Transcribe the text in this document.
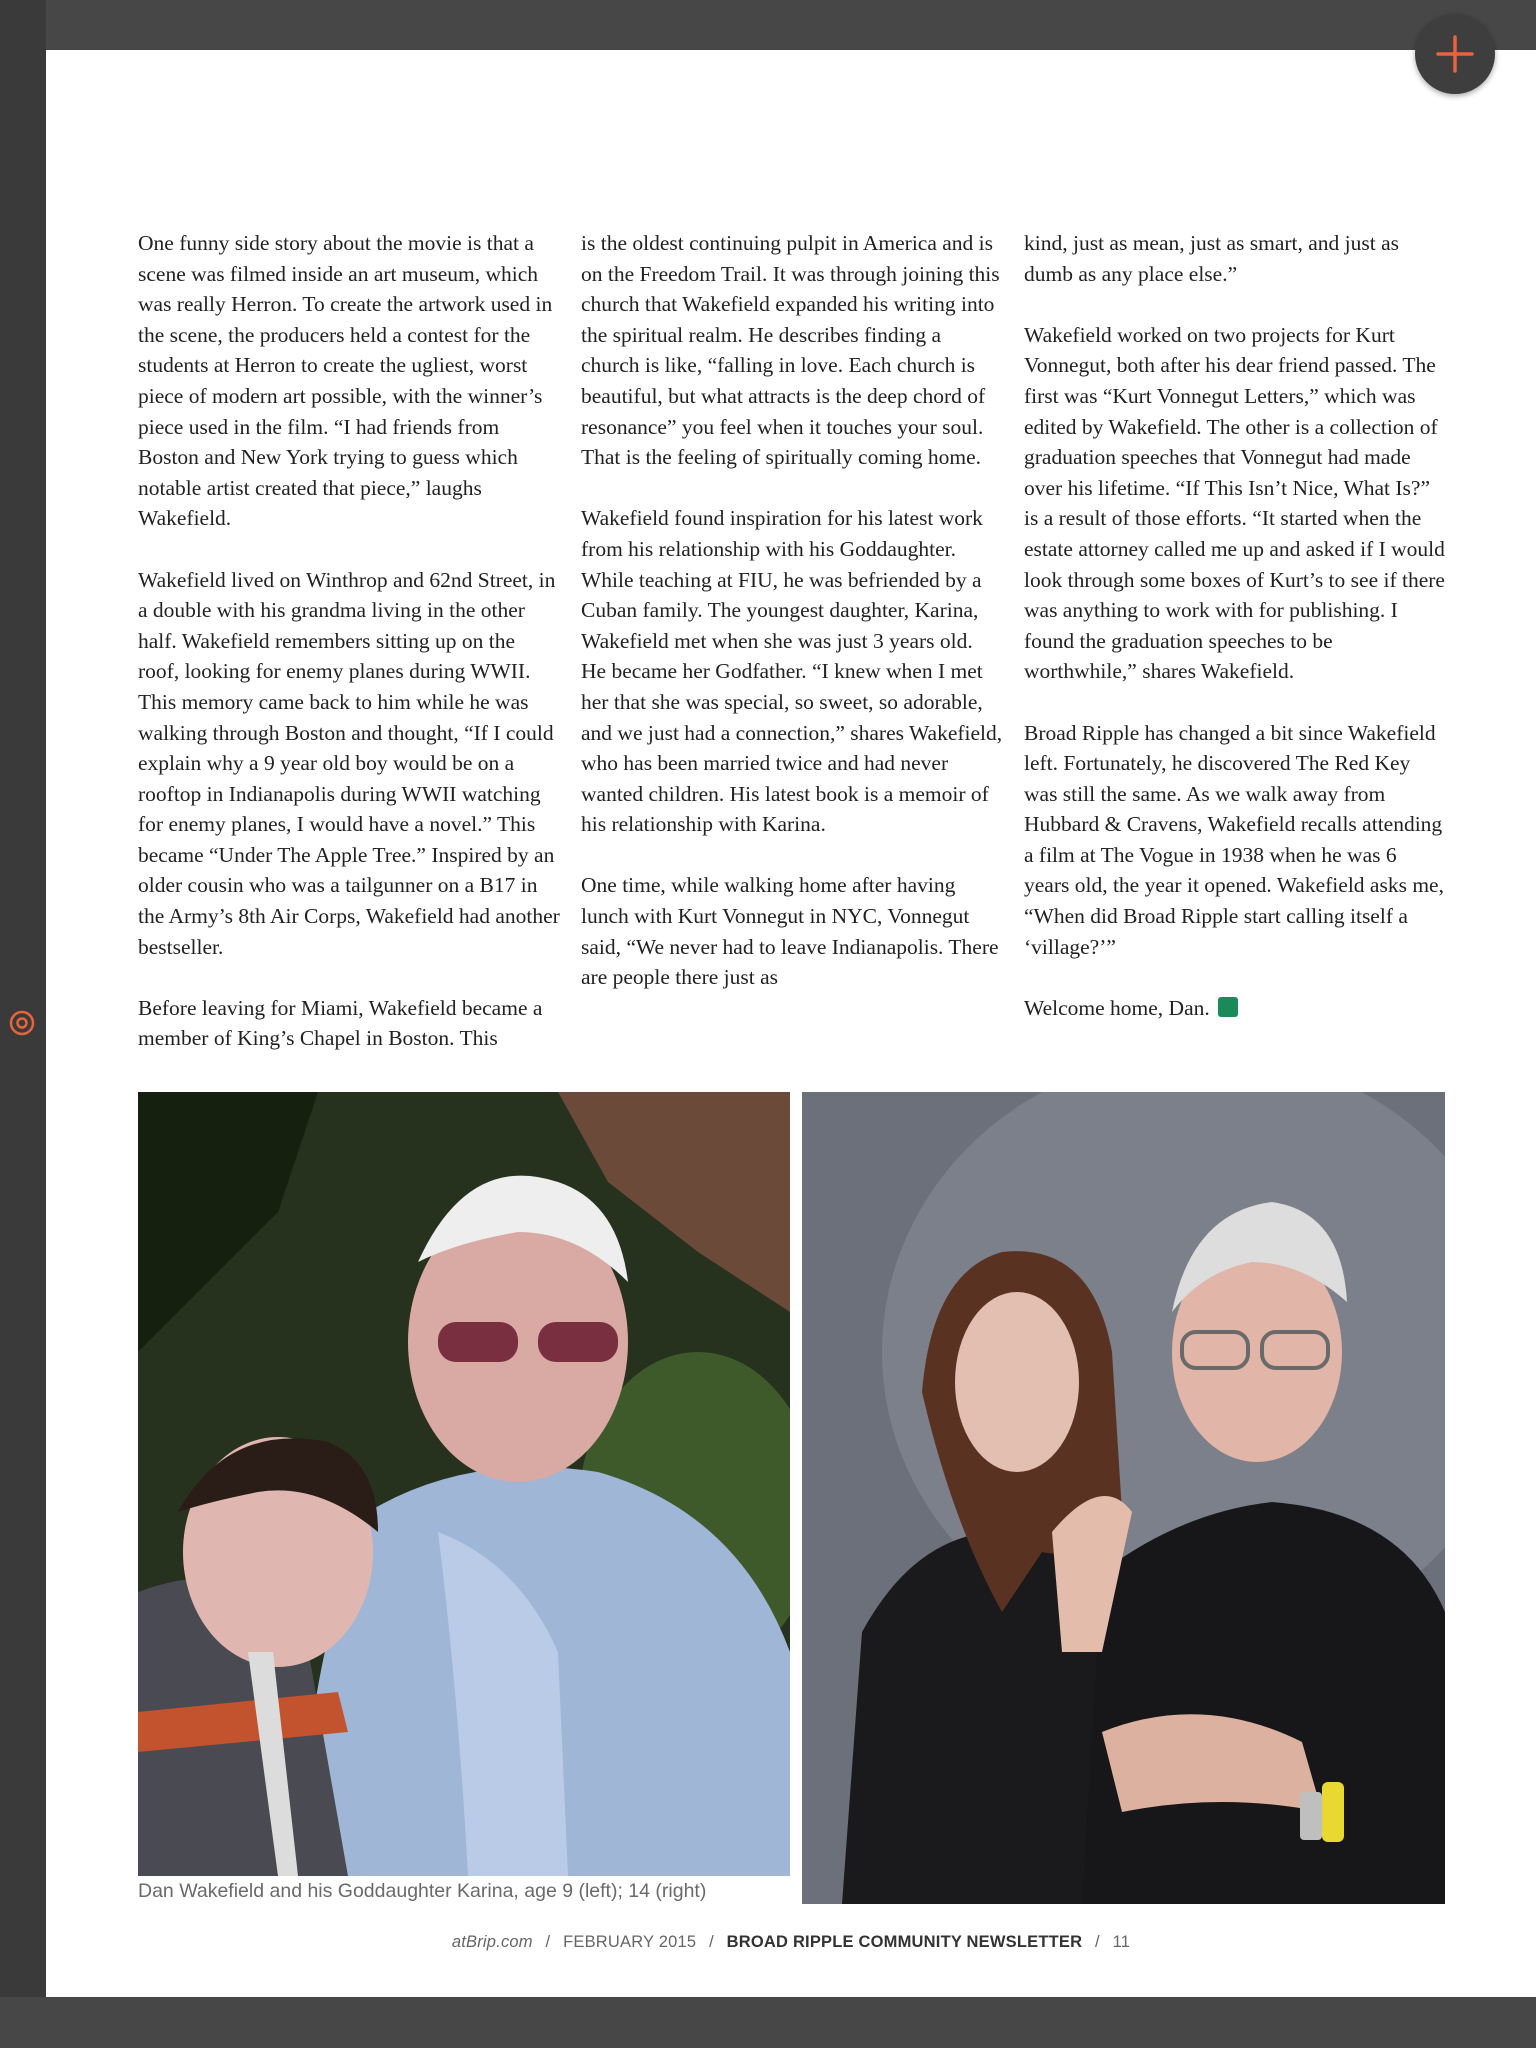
One funny side story about the movie is that a scene was filmed inside an art museum, which was really Herron. To create the artwork used in the scene, the producers held a contest for the students at Herron to create the ugliest, worst piece of modern art possible, with the winner’s piece used in the film. “I had friends from Boston and New York trying to guess which notable artist created that piece,” laughs Wakefield.

Wakefield lived on Winthrop and 62nd Street, in a double with his grandma living in the other half. Wakefield remembers sitting up on the roof, looking for enemy planes during WWII. This memory came back to him while he was walking through Boston and thought, “If I could explain why a 9 year old boy would be on a rooftop in Indianapolis during WWII watching for enemy planes, I would have a novel.” This became “Under The Apple Tree.” Inspired by an older cousin who was a tailgunner on a B17 in the Army’s 8th Air Corps, Wakefield had another bestseller.

Before leaving for Miami, Wakefield became a member of King’s Chapel in Boston. This

is the oldest continuing pulpit in America and is on the Freedom Trail. It was through joining this church that Wakefield expanded his writing into the spiritual realm. He describes finding a church is like, “falling in love. Each church is beautiful, but what attracts is the deep chord of resonance” you feel when it touches your soul. That is the feeling of spiritually coming home.

Wakefield found inspiration for his latest work from his relationship with his Goddaughter. While teaching at FIU, he was befriended by a Cuban family. The youngest daughter, Karina, Wakefield met when she was just 3 years old. He became her Godfather. “I knew when I met her that she was special, so sweet, so adorable, and we just had a connection,” shares Wakefield, who has been married twice and had never wanted children. His latest book is a memoir of his relationship with Karina.

One time, while walking home after having lunch with Kurt Vonnegut in NYC, Vonnegut said, “We never had to leave Indianapolis. There are people there just as

kind, just as mean, just as smart, and just as dumb as any place else.”

Wakefield worked on two projects for Kurt Vonnegut, both after his dear friend passed. The first was “Kurt Vonnegut Letters,” which was edited by Wakefield. The other is a collection of graduation speeches that Vonnegut had made over his lifetime. “If This Isn’t Nice, What Is?” is a result of those efforts. “It started when the estate attorney called me up and asked if I would look through some boxes of Kurt’s to see if there was anything to work with for publishing. I found the graduation speeches to be worthwhile,” shares Wakefield.

Broad Ripple has changed a bit since Wakefield left. Fortunately, he discovered The Red Key was still the same. As we walk away from Hubbard & Cravens, Wakefield recalls attending a film at The Vogue in 1938 when he was 6 years old, the year it opened. Wakefield asks me, “When did Broad Ripple start calling itself a ‘village?’”

Welcome home, Dan.

Dan Wakefield and his Goddaughter Karina, age 9 (left); 14 (right)
atBrip.com / FEBRUARY 2015 / BROAD RIPPLE COMMUNITY NEWSLETTER / 11
